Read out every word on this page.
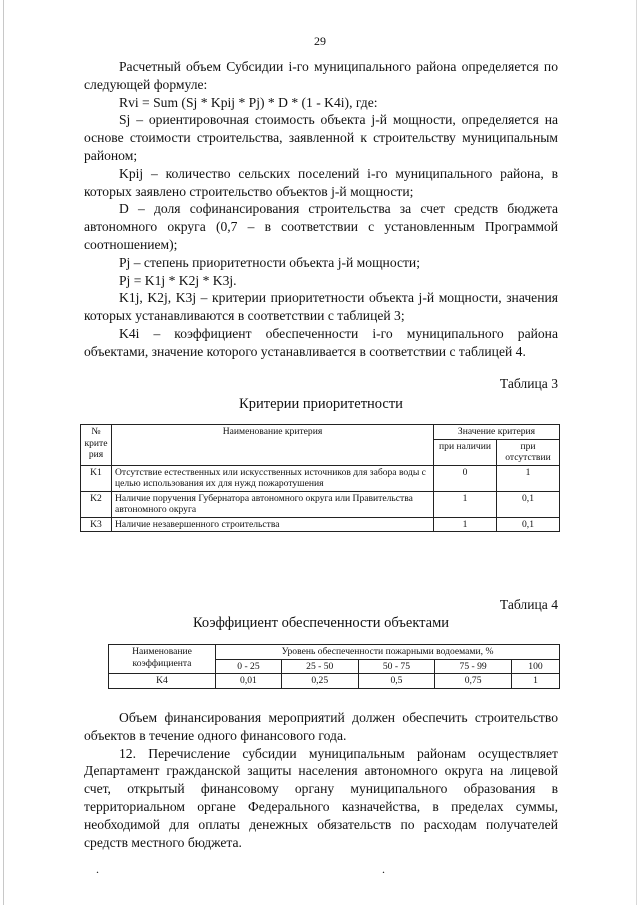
29

Расчетный объем Субсидии i-го муниципального района определяется по следующей формуле:

Rvi = Sum (Sj * Kpij * Pj) * D * (1 - K4i), где:

Sj – ориентировочная стоимость объекта j-й мощности, определяется на основе стоимости строительства, заявленной к строительству муниципальным районом;

Kpij – количество сельских поселений i-го муниципального района, в которых заявлено строительство объектов j-й мощности;

D – доля софинансирования строительства за счет средств бюджета автономного округа (0,7 – в соответствии с установленным Программой соотношением);

Pj – степень приоритетности объекта j-й мощности;

Pj = K1j * K2j * K3j.

K1j, K2j, K3j – критерии приоритетности объекта j-й мощности, значения которых устанавливаются в соответствии с таблицей 3;

K4i – коэффициент обеспеченности i-го муниципального района объектами, значение которого устанавливается в соответствии с таблицей 4.

Таблица 3
Критерии приоритетности
№ крите рия	Наименование критерия	Значение критерия	
		при наличии	при отсутствии
K1	Отсутствие естественных или искусственных источников для забора воды с целью использования их для нужд пожаротушения	0	1
K2	Наличие поручения Губернатора автономного округа или Правительства автономного округа	1	0,1
K3	Наличие незавершенного строительства	1	0,1
Таблица 4
Коэффициент обеспеченности объектами
Наименование коэффициента	Уровень обеспеченности пожарными водоемами, %				
	0 - 25	25 - 50	50 - 75	75 - 99	100
K4	0,01	0,25	0,5	0,75	1

Объем финансирования мероприятий должен обеспечить строительство объектов в течение одного финансового года.

12. Перечисление субсидии муниципальным районам осуществляет Департамент гражданской защиты населения автономного округа на лицевой счет, открытый финансовому органу муниципального образования в территориальном органе Федерального казначейства, в пределах суммы, необходимой для оплаты денежных обязательств по расходам получателей средств местного бюджета.

.	.
